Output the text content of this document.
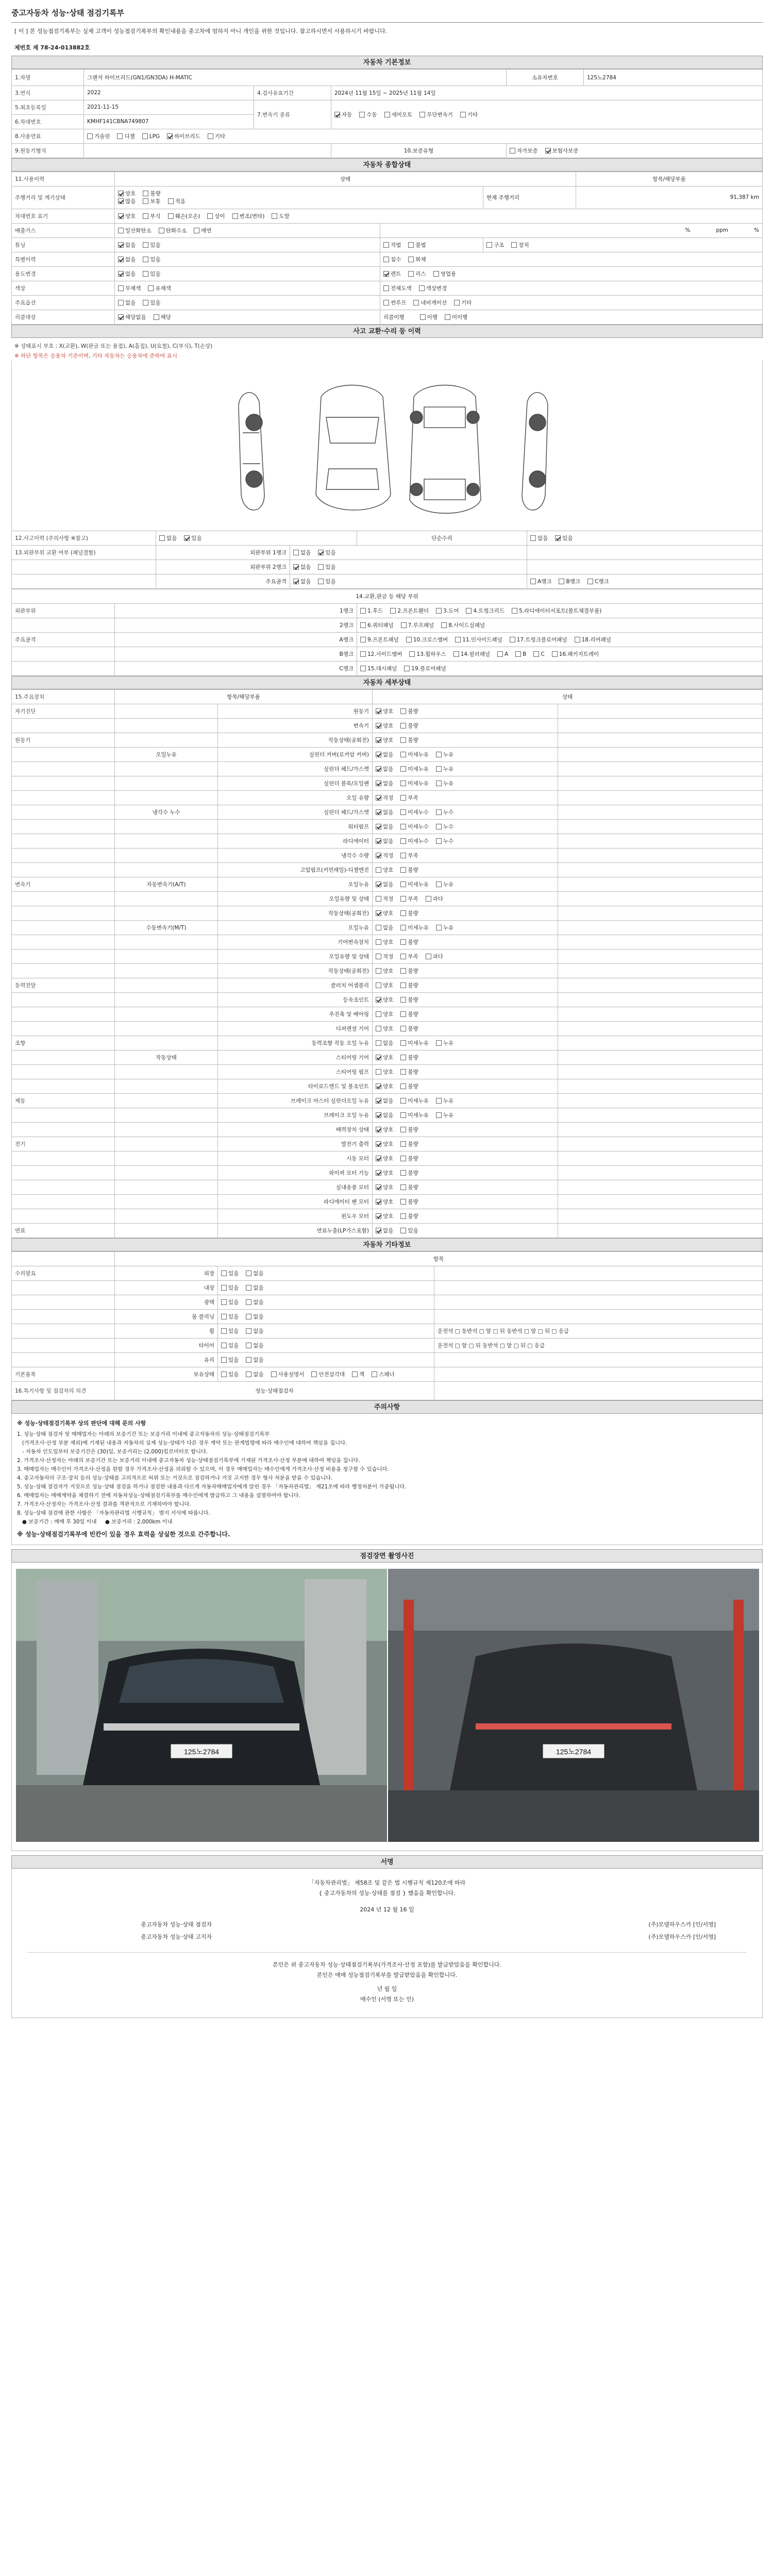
중고자동차 성능·상태 점검기록부
[ 이 ] 본 성능점검기록부는 실제 고객이 성능점검기록부의 확인내용을 중고차에 엄하지 아니 개인을 위한 것입니다. 참고하시면서 사용하시기 바랍니다.
제번호 제 78-24-013882호
자동차 기본정보
1.차명	그랜저 하이브리드(GN1/GN3DA) H-MATIC			소유자번호	125노2784
3.연식	2022	4.검사유효기간	2024년 11월 15일 ~ 2025년 11월 14일		
5.최초등록일	2021-11-15	7.변속기 종류	자동 수동 세미오토 무단변속기 기타		
6.차대번호	KMHF141CBNA749807				
8.사용연료	가솔린 디젤 LPG 하이브리드 기타				
9.원동기형식			10.보증유형	자가보증 보험사보증	
자동차 종합상태
11.사용이력	상태			항목/해당부품
주행거리 및 계기상태	양호 불량
많음 보통 적음		현재 주행거리	91,387 km
차대번호 표기	양호 부식 훼손(오손) 상이 변조(변타) 도말			
배출가스	일산화탄소 탄화수소 매연	% ppm %		
튜닝	없음 있음	적법 불법	구조 장치	
특별이력	없음 있음	침수 화재		
용도변경	없음 있음	렌트 리스 영업용		
색상	무채색 유채색	전체도색 색상변경		
주요옵션	없음 있음	썬루프 네비게이션 기타		
리콜대상	해당없음 해당	리콜이행 이행 미이행		
사고 교환·수리 등 이력
※ 상태표시 부호 : X(교환), W(판금 또는 용접), A(흠집), U(요철), C(부식), T(손상)
※ 하단 항목은 승용차 기준이며, 기타 자동차는 승용차에 준하여 표시
12.사고이력 (주의사항 ※참고)	없음 있음		단순수리	없음 있음
13.외판부위 교환 여부 (패널결함)	외판부위 1랭크	없음 있음		
	외판부위 2랭크	없음 있음		
	주요골격	없음 있음		A랭크 B랭크 C랭크
14.교환,판금 등 해당 부위		
외판부위	1랭크	1.후드 2.프론트휀더 3.도어 4.트렁크리드 5.라디에이터서포트(볼트체결부품)
	2랭크	6.쿼터패널 7.루프패널 8.사이드실패널
주요골격	A랭크	9.프론트패널 10.크로스멤버 11.인사이드패널 17.트렁크플로어패널 18.리어패널
	B랭크	12.사이드멤버 13.휠하우스 14.필러패널 A B C 16.패키지트레이
	C랭크	15.대시패널 19.플로어패널
자동차 세부상태
15.주요장치	항목/해당부품		상태	
자기진단		원동기	양호 불량	
		변속기	양호 불량	
원동기		작동상태(공회전)	양호 불량	
	오일누유	실린더 커버(로커암 커버)	없음 미세누유 누유	
		실린더 헤드/가스켓	없음 미세누유 누유	
		실린더 블록/오일팬	없음 미세누유 누유	
		오일 유량	적정 부족	
	냉각수 누수	실린더 헤드/가스켓	없음 미세누수 누수	
		워터펌프	없음 미세누수 누수	
		라디에이터	없음 미세누수 누수	
		냉각수 수량	적정 부족	
		고압펌프(커먼레일)-디젤엔진	양호 불량	
변속기	자동변속기(A/T)	오일누유	없음 미세누유 누유	
		오일유량 및 상태	적정 부족 과다	
		작동상태(공회전)	양호 불량	
	수동변속기(M/T)	오일누유	없음 미세누유 누유	
		기어변속장치	양호 불량	
		오일유량 및 상태	적정 부족 과다	
		작동상태(공회전)	양호 불량	
동력전달		클러치 어셈블리	양호 불량	
		등속조인트	양호 불량	
		추진축 및 베어링	양호 불량	
		디퍼렌셜 기어	양호 불량	
조향		동력조향 작동 오일 누유	없음 미세누유 누유	
	작동상태	스티어링 기어	양호 불량	
		스티어링 펌프	양호 불량	
		타이로드엔드 및 볼조인트	양호 불량	
제동		브레이크 마스터 실린더오일 누유	없음 미세누유 누유	
		브레이크 오일 누유	없음 미세누유 누유	
		배력장치 상태	양호 불량	
전기		발전기 출력	양호 불량	
		시동 모터	양호 불량	
		와이퍼 모터 기능	양호 불량	
		실내송풍 모터	양호 불량	
		라디에이터 팬 모터	양호 불량	
		윈도우 모터	양호 불량	
연료		연료누출(LP가스포함)	없음 있음	
자동차 기타정보
	항목		
수리필요	외장	있음 없음	
	내장	있음 없음	
	광택	있음 없음	
	룸 클리닝	있음 없음	
	휠	있음 없음	운전석 □ 동반석 □ 앞 □ 뒤 동반석 □ 앞 □ 뒤 □ 응급
	타이어	있음 없음	운전석 □ 앞 □ 뒤 동반석 □ 앞 □ 뒤 □ 응급
	유리	있음 없음	
기본품목	보유상태	있음 없음 사용설명서 안전삼각대 잭 스패너	
16.특기사항 및 점검자의 의견	성능·상태점검자		
주의사항
※ 성능·상태점검기록부 상의 판단에 대해 문의 사항
1. 성능·상태 점검자 및 매매업자는 아래의 보증기간 또는 보증거리 이내에 중고자동차의 성능·상태점검기록부
(가격조사·산정 부분 제외)에 기재된 내용과 자동차의 실제 성능·상태가 다른 경우 계약 또는 관계법령에 따라 매수인에 대하여 책임을 집니다.
- 자동차 인도일부터 보증기간은 (30)일, 보증거리는 (2,000)킬로미터로 합니다.
2. 가격조사·산정자는 아래의 보증기간 또는 보증거리 이내에 중고자동차 성능·상태점검기록부에 기재된 가격조사·산정 부분에 대하여 책임을 집니다.
3. 매매업자는 매수인이 가격조사·산정을 원할 경우 가격조사·산정을 의뢰할 수 있으며, 이 경우 매매업자는 매수인에게 가격조사·산정 비용을 청구할 수 있습니다.
4. 중고자동차의 구조·장치 등의 성능·상태를 고의적으로 허위 또는 거짓으로 점검하거나 거짓 고지한 경우 형사 처분을 받을 수 있습니다.
5. 성능·상태 점검자가 거짓으로 성능·상태 점검을 하거나 점검한 내용과 다르게 자동차매매업자에게 알린 경우 「자동차관리법」 제21조에 따라 행정처분이 가중됩니다.
6. 매매업자는 매매계약을 체결하기 전에 자동차성능·상태점검기록부를 매수인에게 발급하고 그 내용을 설명하여야 합니다.
7. 가격조사·산정자는 가격조사·산정 결과를 객관적으로 기재하여야 합니다.
8. 성능·상태 점검에 관한 사항은 「자동차관리법 시행규칙」 별지 서식에 따릅니다.
● 보증기간 : 매매 후 30일 이내     ● 보증거리 : 2,000km 이내
※ 성능·상태점검기록부에 빈칸이 있을 경우 효력을 상실한 것으로 간주합니다.
점검장면 촬영사진
125노2784	125노2784
서명
「자동차관리법」 제58조 및 같은 법 시행규칙 제120조에 따라
{ 중고자동차의 성능·상태를 점검 } 했음을 확인합니다.
2024 년 12 월 16 일
중고자동차 성능·상태 점검자	(주)모델하우스카 [인/서명]
중고자동차 성능·상태 고지자	(주)모델하우스카 [인/서명]
본인은 위 중고자동차 성능·상태점검기록부(가격조사·산정 포함)를 발급받았음을 확인합니다.
본인은 매매 성능점검기록부를 발급받았음을 확인합니다.
년 월 일
매수인 (서명 또는 인)
